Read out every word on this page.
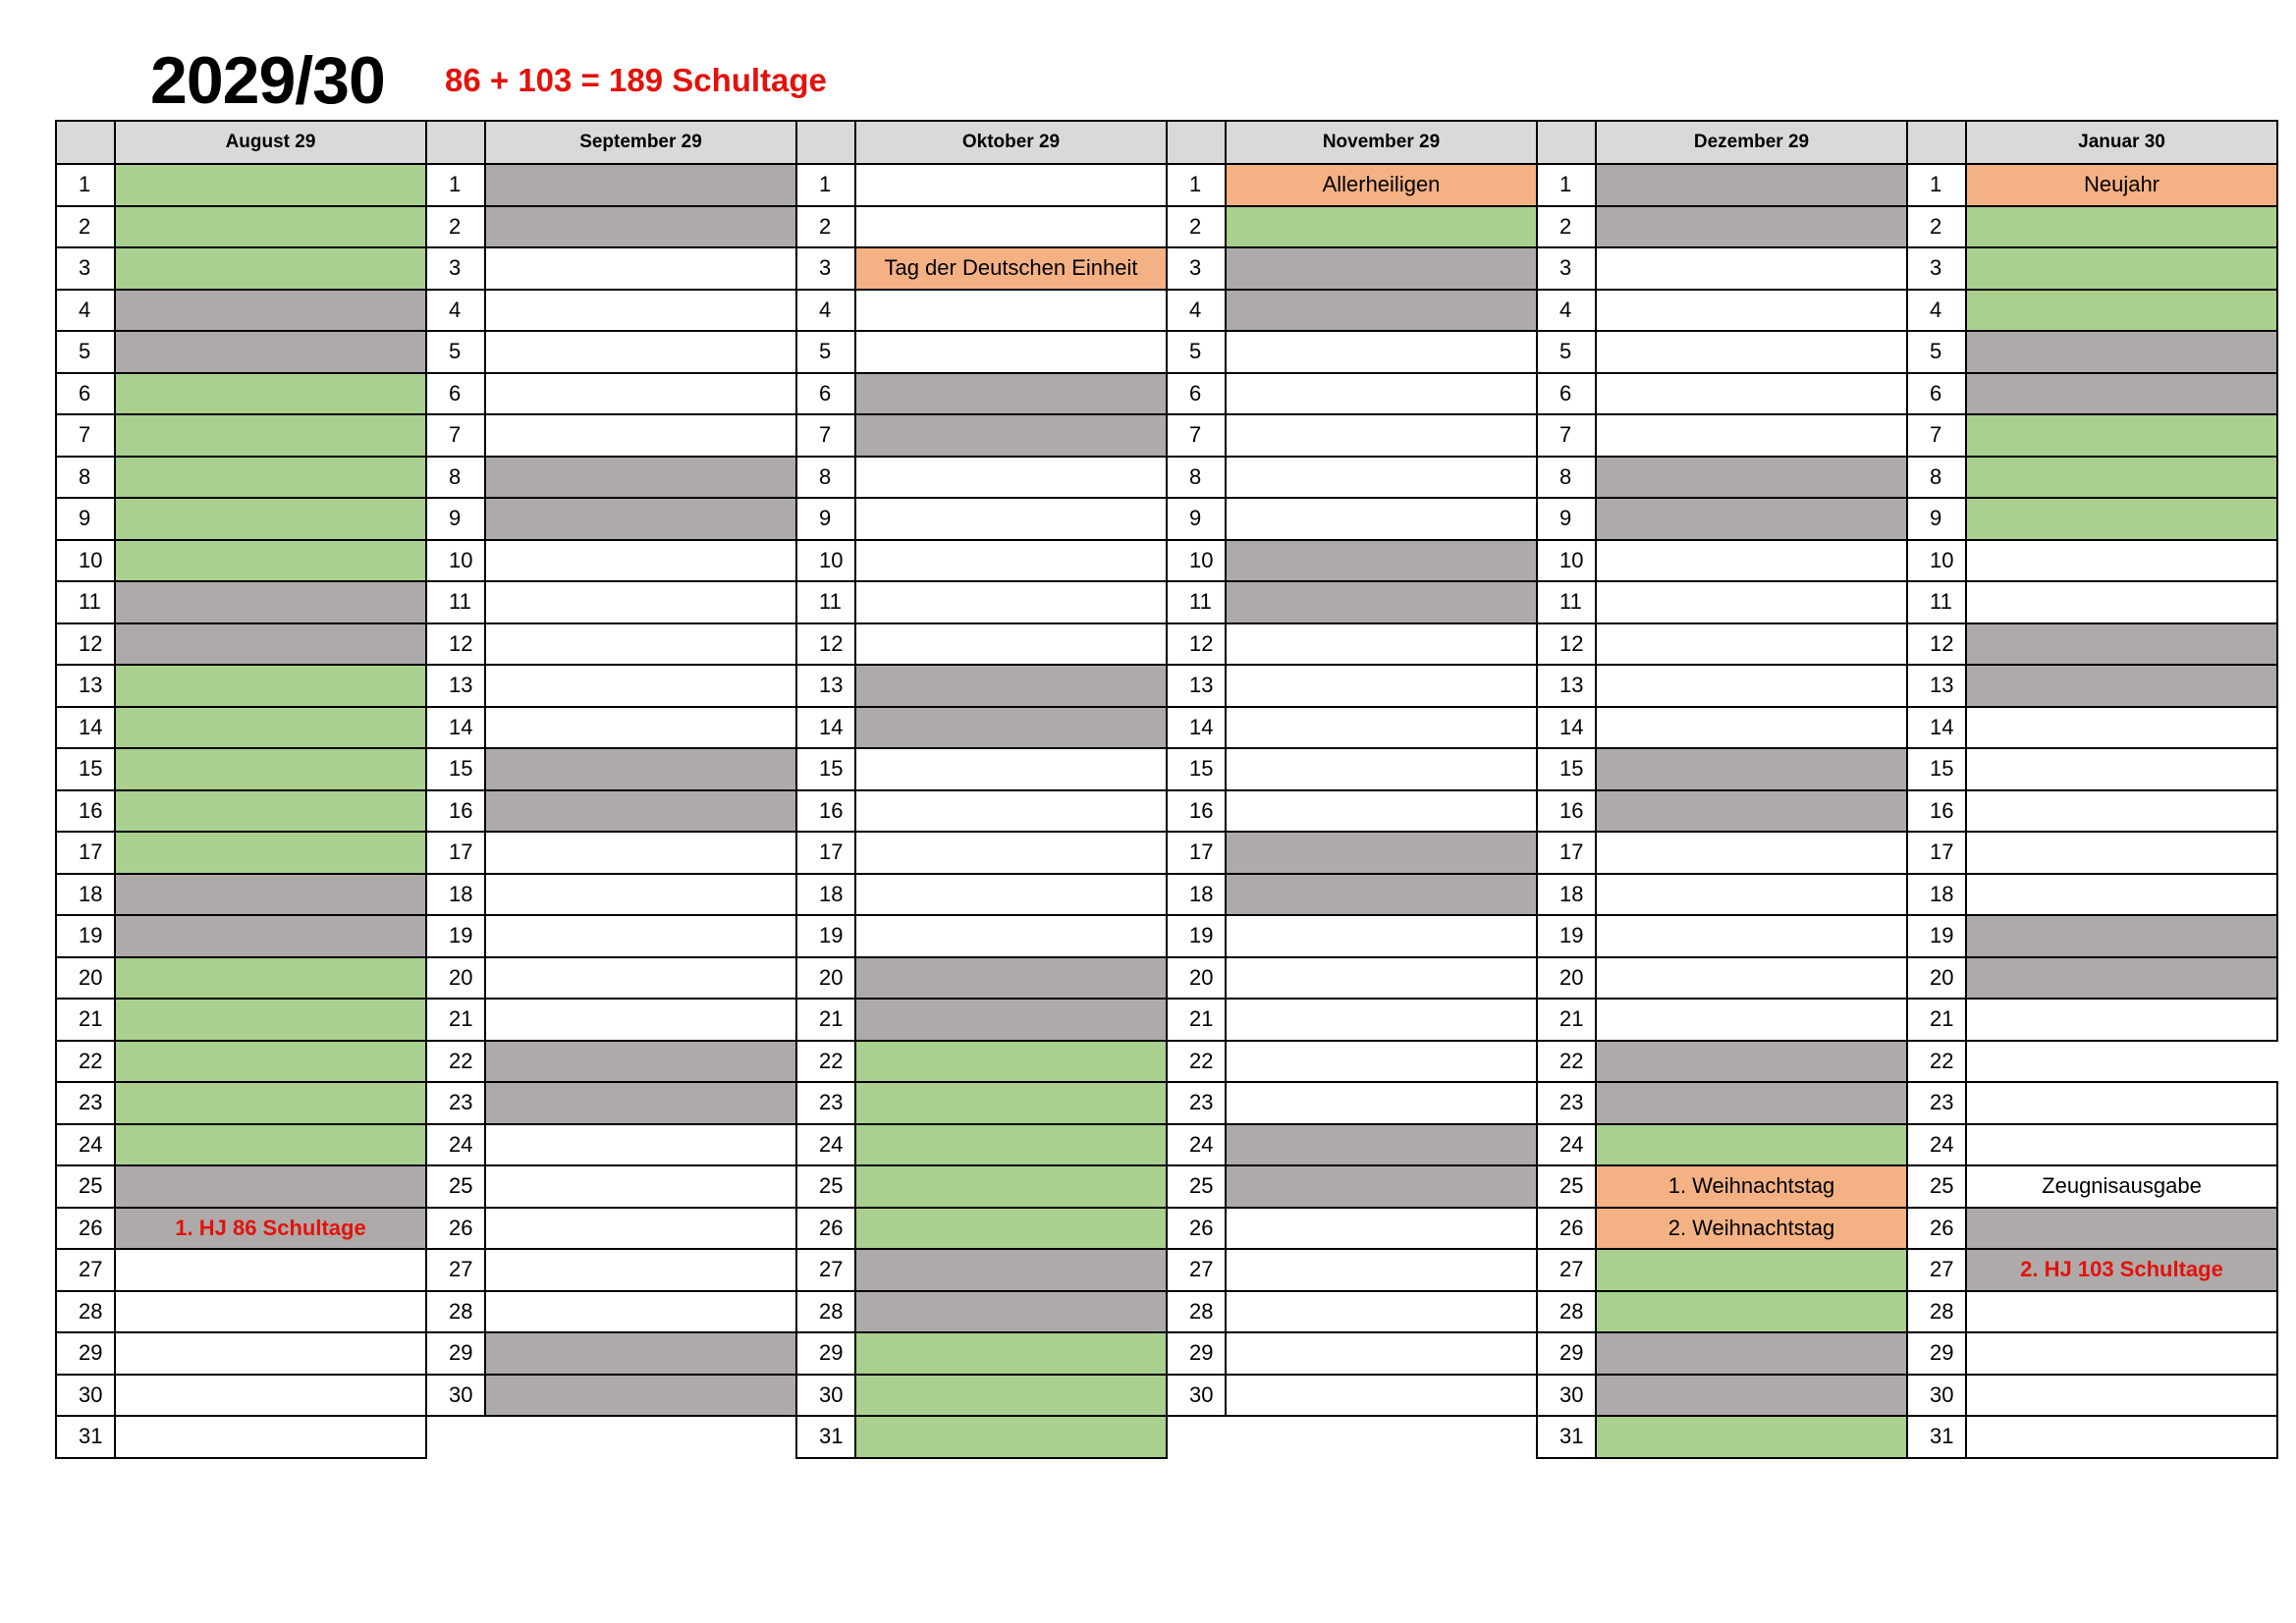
2029/30 86 + 103 = 189 Schultage
August 29
1
2
3
4
5
6
7
8
9
10
11
12
13
14
15
16
17
18
19
20
21
22
23
24
25
26	1. HJ 86 Schultage
27
28
29
30
31
September 29
1
2
3
4
5
6
7
8
9
10
11
12
13
14
15
16
17
18
19
20
21
22
23
24
25
26
27
28
29
30
Oktober 29
1
2
3	Tag der Deutschen Einheit
4
5
6
7
8
9
10
11
12
13
14
15
16
17
18
19
20
21
22
23
24
25
26
27
28
29
30
31
November 29
1	Allerheiligen
2
3
4
5
6
7
8
9
10
11
12
13
14
15
16
17
18
19
20
21
22
23
24
25
26
27
28
29
30
Dezember 29
1
2
3
4
5
6
7
8
9
10
11
12
13
14
15
16
17
18
19
20
21
22
23
24
25	1. Weihnachtstag
26	2. Weihnachtstag
27
28
29
30
31
Januar 30
1	Neujahr
2
3
4
5
6
7
8
9
10
11
12
13
14
15
16
17
18
19
20
21
22
23
24
25	Zeugnisausgabe
26
27	2. HJ 103 Schultage
28
29
30
31
